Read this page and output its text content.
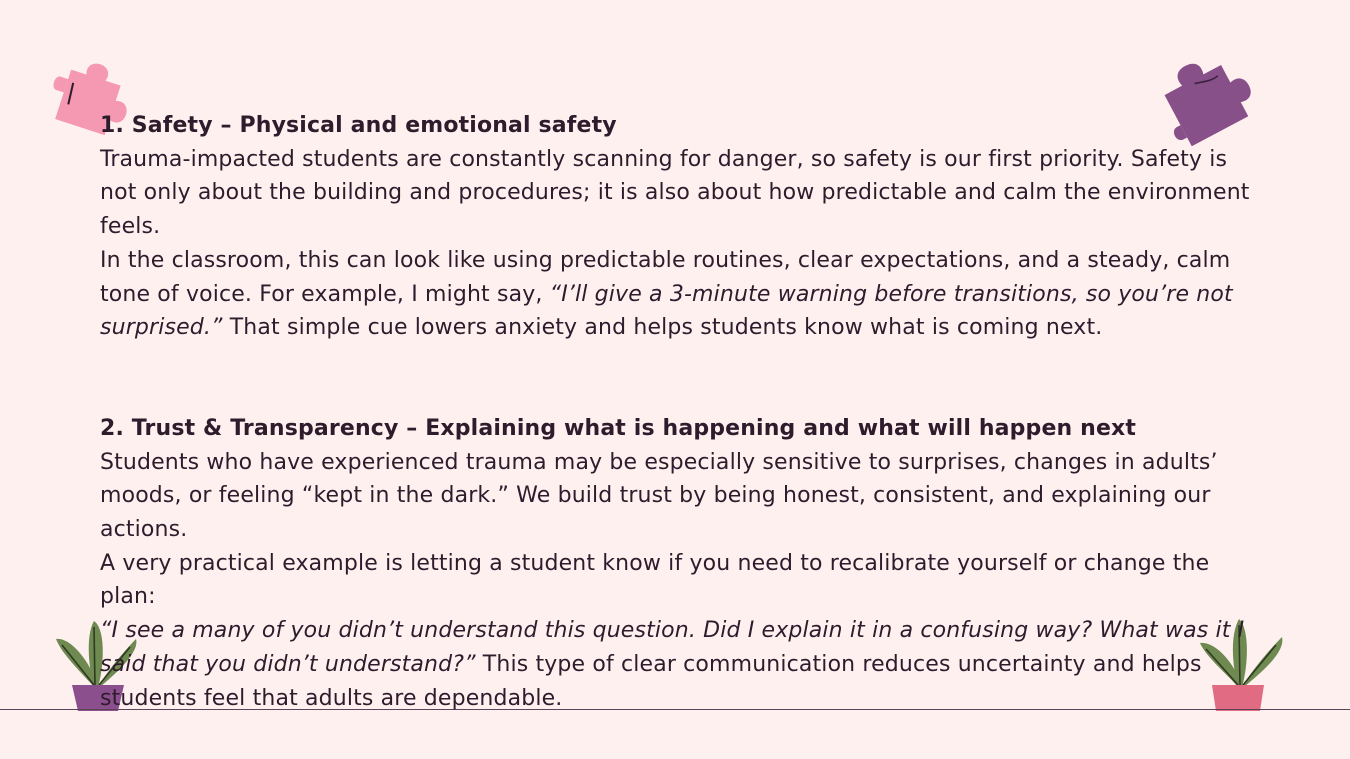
1. Safety – Physical and emotional safety

Trauma-impacted students are constantly scanning for danger, so safety is our first priority. Safety is not only about the building and procedures; it is also about how predictable and calm the environment feels.

In the classroom, this can look like using predictable routines, clear expectations, and a steady, calm tone of voice. For example, I might say, “I’ll give a 3-minute warning before transitions, so you’re not surprised.” That simple cue lowers anxiety and helps students know what is coming next.

2. Trust & Transparency – Explaining what is happening and what will happen next

Students who have experienced trauma may be especially sensitive to surprises, changes in adults’ moods, or feeling “kept in the dark.” We build trust by being honest, consistent, and explaining our actions.

A very practical example is letting a student know if you need to recalibrate yourself or change the plan:

“I see a many of you didn’t understand this question. Did I explain it in a confusing way? What was it I said that you didn’t understand?” This type of clear communication reduces uncertainty and helps students feel that adults are dependable.
